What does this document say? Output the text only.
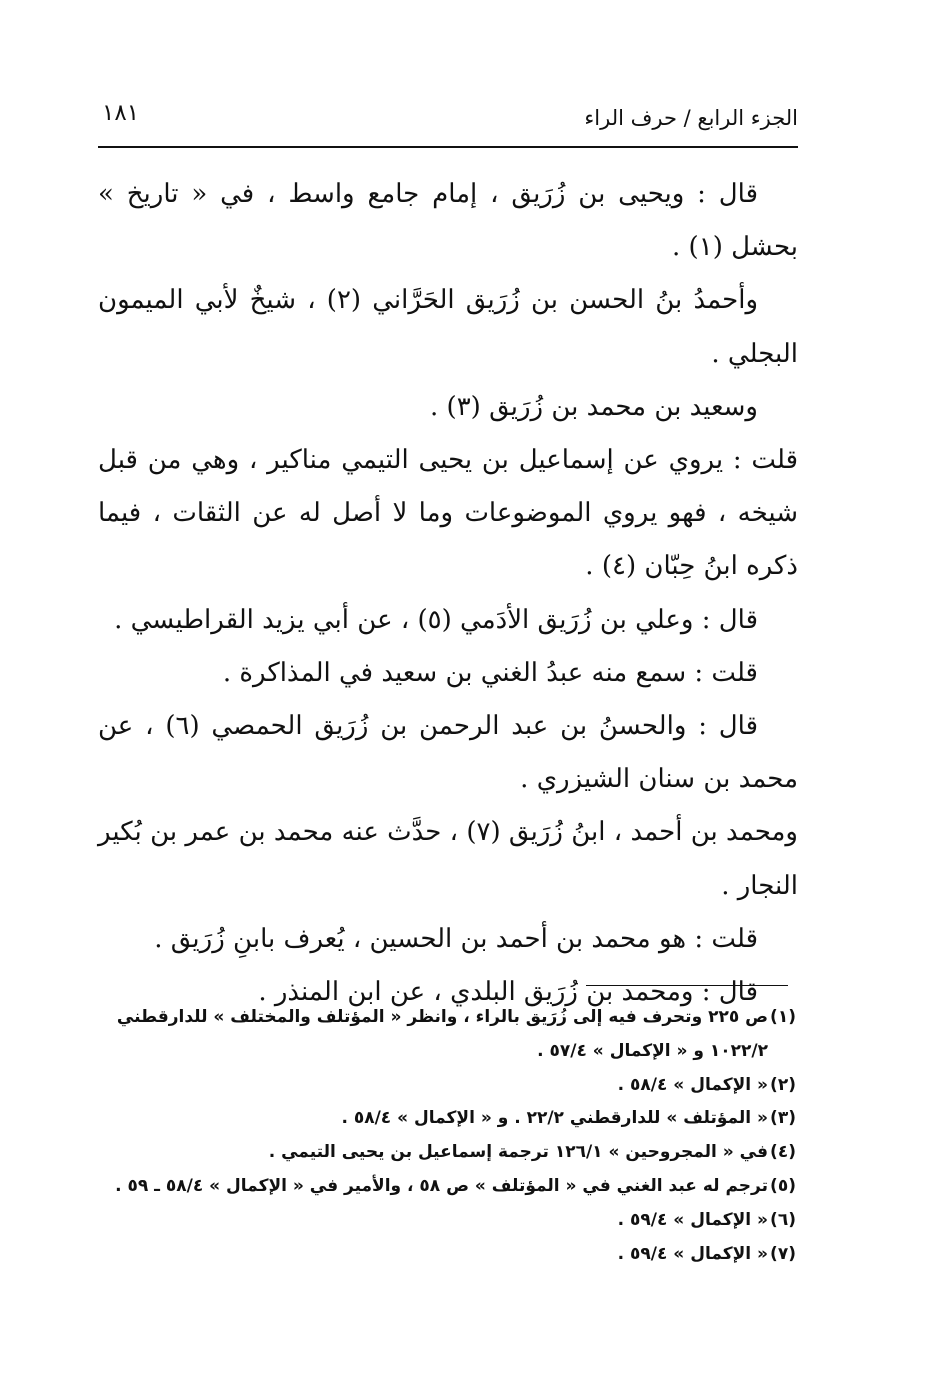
الجزء الرابع / حرف الراء
١٨١

قال : ويحيى بن زُرَيق ، إمام جامع واسط ، في « تاريخ » بحشل (١) .

وأحمدُ بنُ الحسن بن زُرَيق الحَرَّاني (٢) ، شيخٌ لأبي الميمون البجلي .

وسعيد بن محمد بن زُرَيق (٣) .

قلت : يروي عن إسماعيل بن يحيى التيمي مناكير ، وهي من قبل شيخه ، فهو يروي الموضوعات وما لا أصل له عن الثقات ، فيما ذكره ابنُ حِبّان (٤) .

قال : وعلي بن زُرَيق الأدَمي (٥) ، عن أبي يزيد القراطيسي .

قلت : سمع منه عبدُ الغني بن سعيد في المذاكرة .

قال : والحسنُ بن عبد الرحمن بن زُرَيق الحمصي (٦) ، عن محمد بن سنان الشيزري .

ومحمد بن أحمد ، ابنُ زُرَيق (٧) ، حدَّث عنه محمد بن عمر بن بُكير النجار .

قلت : هو محمد بن أحمد بن الحسين ، يُعرف بابنِ زُرَيق .

قال : ومحمد بن زُرَيق البلدي ، عن ابن المنذر .

(١)ص ٢٢٥ وتحرف فيه إلى زُرَيق بالراء ، وانظر « المؤتلف والمختلف » للدارقطني ١٠٢٢/٢ و « الإكمال » ٥٧/٤ .
(٢)« الإكمال » ٥٨/٤ .
(٣)« المؤتلف » للدارقطني ٢٢/٢ . و « الإكمال » ٥٨/٤ .
(٤)في « المجروحين » ١٢٦/١ ترجمة إسماعيل بن يحيى التيمي .
(٥)ترجم له عبد الغني في « المؤتلف » ص ٥٨ ، والأمير في « الإكمال » ٥٨/٤ ـ ٥٩ .
(٦)« الإكمال » ٥٩/٤ .
(٧)« الإكمال » ٥٩/٤ .
